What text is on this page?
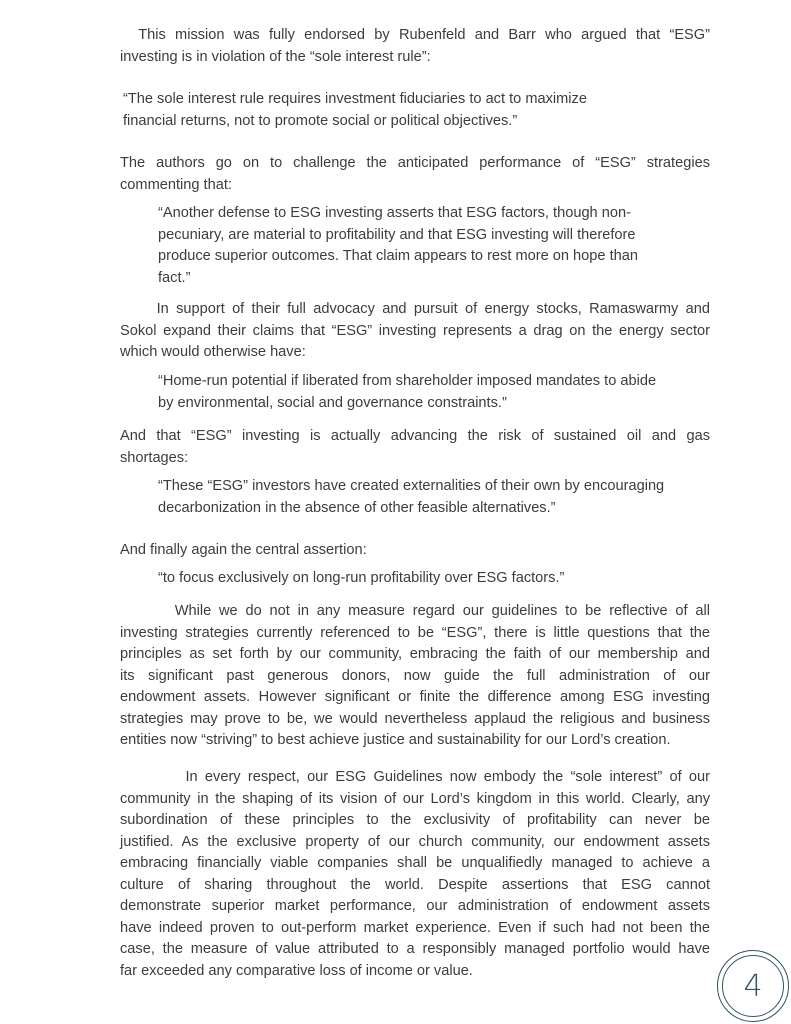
This mission was fully endorsed by Rubenfeld and Barr who argued that “ESG”
investing is in violation of the “sole interest rule”:

“The sole interest rule requires investment fiduciaries to act to maximize
financial returns, not to promote social or political objectives.”

The authors go on to challenge the anticipated performance of “ESG” strategies
commenting that:

“Another defense to ESG investing asserts that ESG factors, though non-
pecuniary, are material to profitability and that ESG investing will therefore
produce superior outcomes. That claim appears to rest more on hope than
fact.”

In support of their full advocacy and pursuit of energy stocks, Ramaswarmy and
Sokol expand their claims that “ESG” investing represents a drag on the energy sector
which would otherwise have:

“Home-run potential if liberated from shareholder imposed mandates to abide
by environmental, social and governance constraints.”

And that “ESG” investing is actually advancing the risk of sustained oil and gas
shortages:

“These “ESG” investors have created externalities of their own by encouraging
decarbonization in the absence of other feasible alternatives.”

And finally again the central assertion:

“to focus exclusively on long-run profitability over ESG factors.”

While we do not in any measure regard our guidelines to be reflective of all
investing strategies currently referenced to be “ESG”, there is little questions that the
principles as set forth by our community, embracing the faith of our membership and
its significant past generous donors, now guide the full administration of our
endowment assets. However significant or finite the difference among ESG investing
strategies may prove to be, we would nevertheless applaud the religious and business
entities now “striving” to best achieve justice and sustainability for our Lord’s creation.

In every respect, our ESG Guidelines now embody the “sole interest” of our
community in the shaping of its vision of our Lord’s kingdom in this world. Clearly, any
subordination of these principles to the exclusivity of profitability can never be
justified. As the exclusive property of our church community, our endowment assets
embracing financially viable companies shall be unqualifiedly managed to achieve a
culture of sharing throughout the world. Despite assertions that ESG cannot
demonstrate superior market performance, our administration of endowment assets
have indeed proven to out-perform market experience. Even if such had not been the
case, the measure of value attributed to a responsibly managed portfolio would have
far exceeded any comparative loss of income or value.	4
